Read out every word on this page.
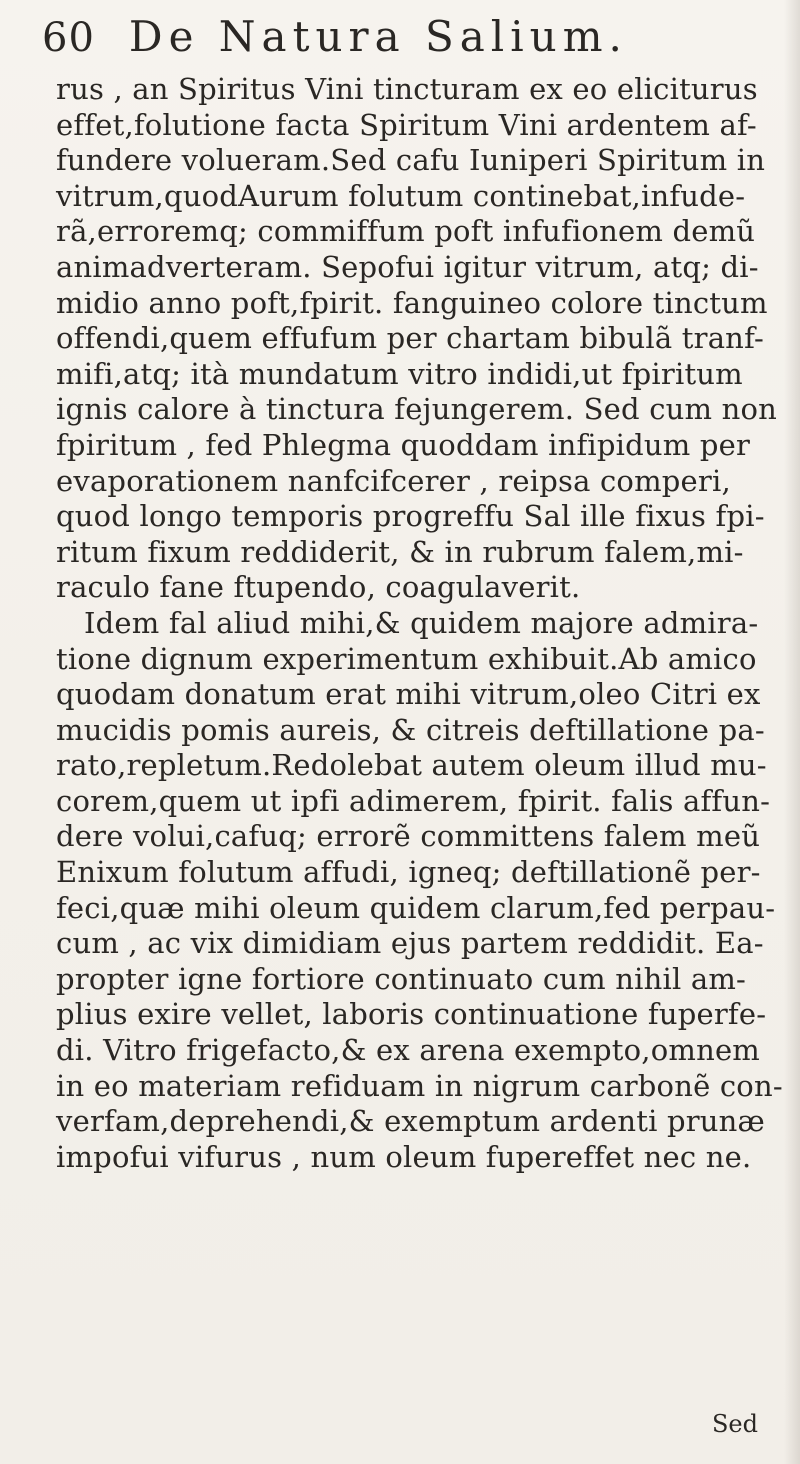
60 De Natura Salium.
rus , an Spiritus Vini tincturam ex eo eliciturus
effet,folutione facta Spiritum Vini ardentem af-
fundere volueram.Sed cafu Iuniperi Spiritum in
vitrum,quodAurum folutum continebat,infude-
rã,erroremq; commiffum poft infufionem demũ
animadverteram. Sepofui igitur vitrum, atq; di-
midio anno poft,fpirit. fanguineo colore tinctum
offendi,quem effufum per chartam bibulã tranf-
mifi,atq; ità mundatum vitro indidi,ut fpiritum
ignis calore à tinctura fejungerem. Sed cum non
fpiritum , fed Phlegma quoddam infipidum per
evaporationem nanfcifcerer , reipsa comperi,
quod longo temporis progreffu Sal ille fixus fpi-
ritum fixum reddiderit, & in rubrum falem,mi-
raculo fane ftupendo, coagulaverit.
Idem fal aliud mihi,& quidem majore admira-
tione dignum experimentum exhibuit.Ab amico
quodam donatum erat mihi vitrum,oleo Citri ex
mucidis pomis aureis, & citreis deftillatione pa-
rato,repletum.Redolebat autem oleum illud mu-
corem,quem ut ipfi adimerem, fpirit. falis affun-
dere volui,cafuq; errorẽ committens falem meũ
Enixum folutum affudi, igneq; deftillationẽ per-
feci,quæ mihi oleum quidem clarum,fed perpau-
cum , ac vix dimidiam ejus partem reddidit. Ea-
propter igne fortiore continuato cum nihil am-
plius exire vellet, laboris continuatione fuperfe-
di. Vitro frigefacto,& ex arena exempto,omnem
in eo materiam refiduam in nigrum carbonẽ con-
verfam,deprehendi,& exemptum ardenti prunæ
impofui vifurus , num oleum fupereffet nec ne.
Sed
